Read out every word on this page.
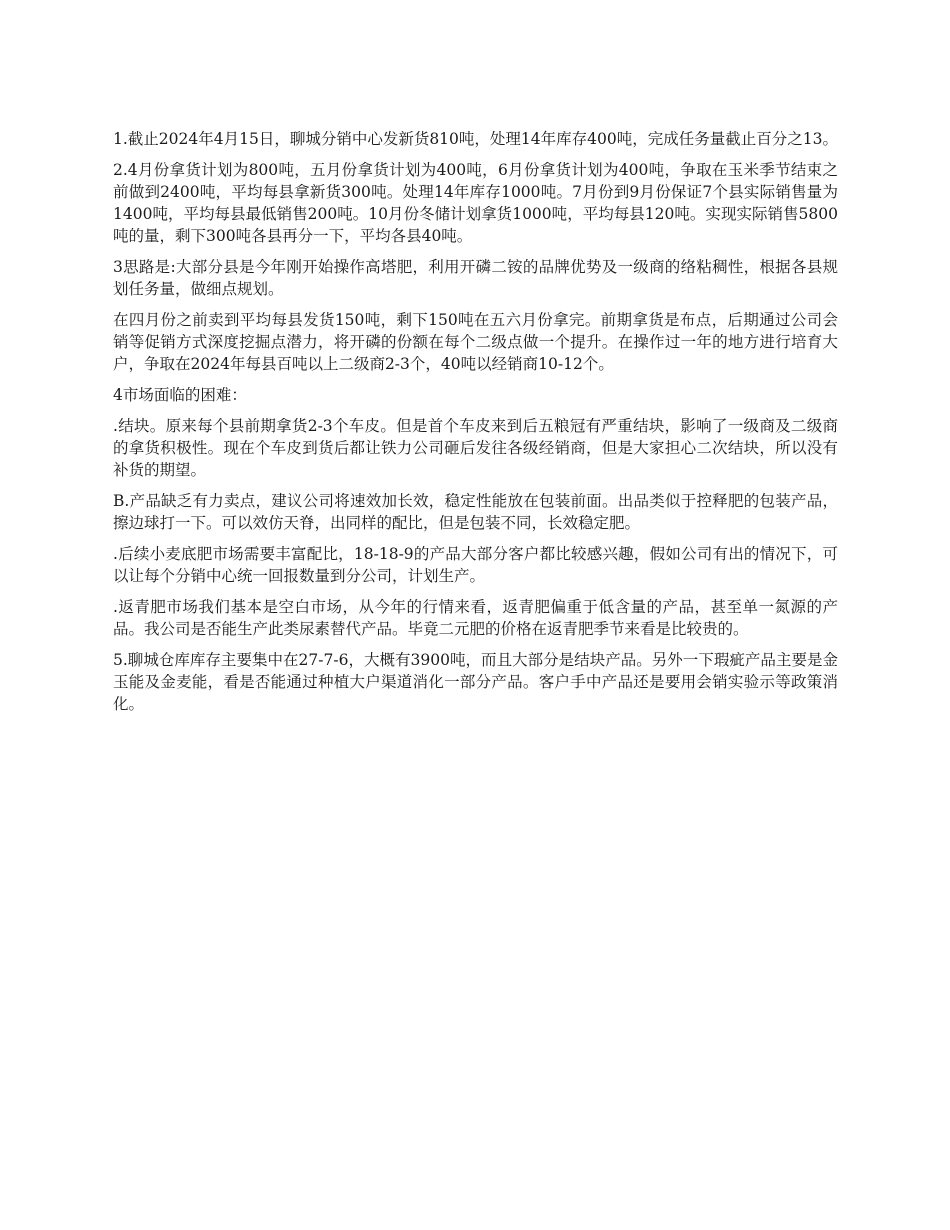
1.截止2024年4月15日，聊城分销中心发新货810吨，处理14年库存400吨，完成任务量截止百分之13。

2.4月份拿货计划为800吨，五月份拿货计划为400吨，6月份拿货计划为400吨，争取在玉米季节结束之前做到2400吨，平均每县拿新货300吨。处理14年库存1000吨。7月份到9月份保证7个县实际销售量为1400吨，平均每县最低销售200吨。10月份冬储计划拿货1000吨，平均每县120吨。实现实际销售5800吨的量，剩下300吨各县再分一下，平均各县40吨。

3思路是:大部分县是今年刚开始操作高塔肥，利用开磷二铵的品牌优势及一级商的络粘稠性，根据各县规划任务量，做细点规划。

在四月份之前卖到平均每县发货150吨，剩下150吨在五六月份拿完。前期拿货是布点，后期通过公司会销等促销方式深度挖掘点潜力，将开磷的份额在每个二级点做一个提升。在操作过一年的地方进行培育大户，争取在2024年每县百吨以上二级商2-3个，40吨以经销商10-12个。

4市场面临的困难：

.结块。原来每个县前期拿货2-3个车皮。但是首个车皮来到后五粮冠有严重结块，影响了一级商及二级商的拿货积极性。现在个车皮到货后都让铁力公司砸后发往各级经销商，但是大家担心二次结块，所以没有补货的期望。

B.产品缺乏有力卖点，建议公司将速效加长效，稳定性能放在包装前面。出品类似于控释肥的包装产品，擦边球打一下。可以效仿天脊，出同样的配比，但是包装不同，长效稳定肥。

.后续小麦底肥市场需要丰富配比，18-18-9的产品大部分客户都比较感兴趣，假如公司有出的情况下，可以让每个分销中心统一回报数量到分公司，计划生产。

.返青肥市场我们基本是空白市场，从今年的行情来看，返青肥偏重于低含量的产品，甚至单一氮源的产品。我公司是否能生产此类尿素替代产品。毕竟二元肥的价格在返青肥季节来看是比较贵的。

5.聊城仓库库存主要集中在27-7-6，大概有3900吨，而且大部分是结块产品。另外一下瑕疵产品主要是金玉能及金麦能，看是否能通过种植大户渠道消化一部分产品。客户手中产品还是要用会销实验示等政策消化。
